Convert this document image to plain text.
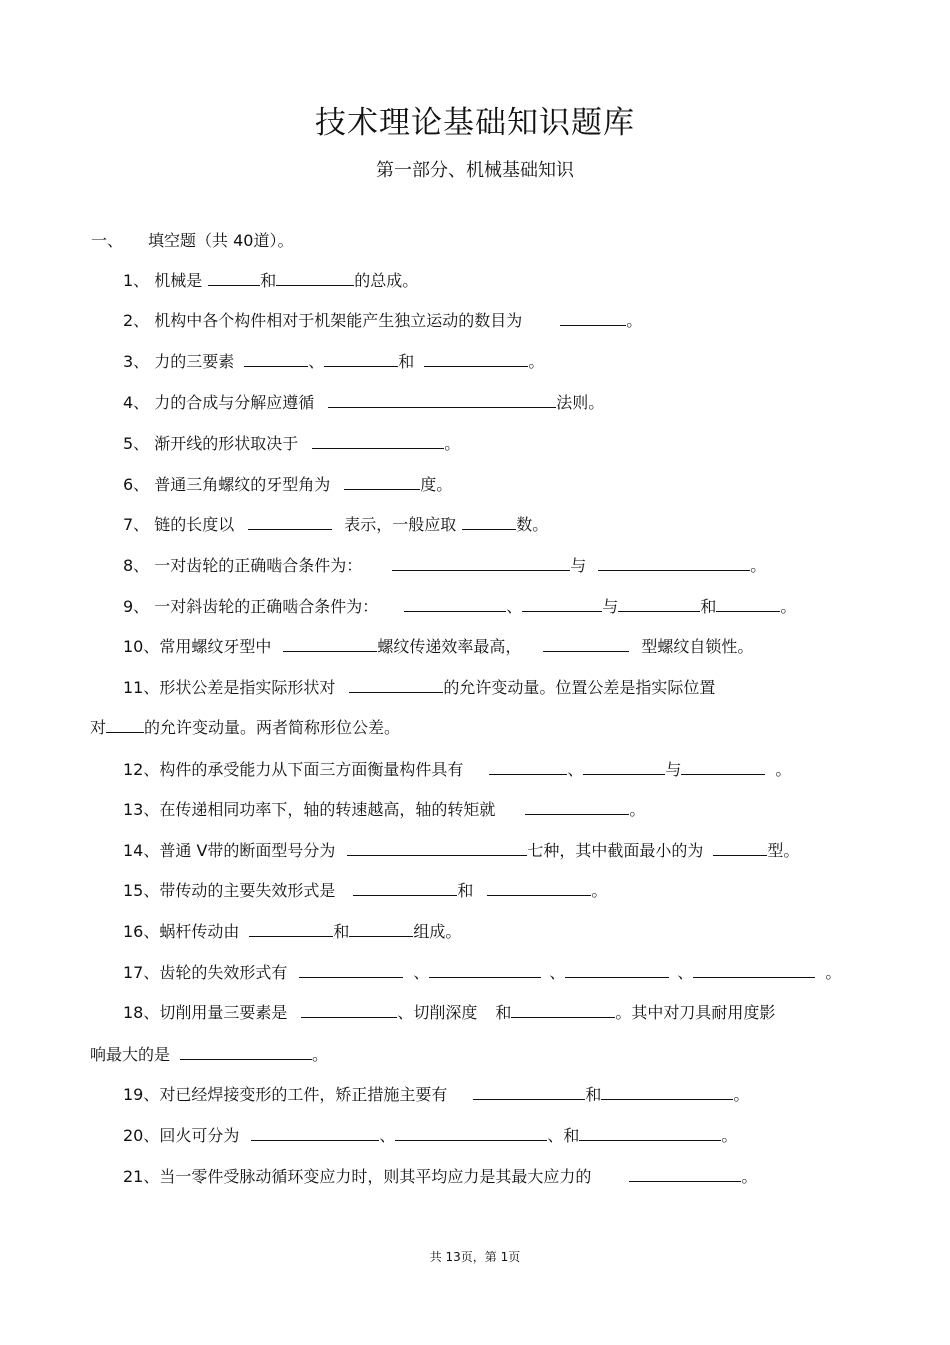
技术理论基础知识题库
第一部分、机械基础知识
一、 填空题（共 40道）。
1、 机械是	和	的总成。
2、 机构中各个构件相对于机架能产生独立运动的数目为	。
3、 力的三要素	、	和	。
4、 力的合成与分解应遵循	法则。
5、 渐开线的形状取决于	。
6、 普通三角螺纹的牙型角为	度。
7、 链的长度以	表示，一般应取	数。
8、 一对齿轮的正确啮合条件为：	与	。
9、 一对斜齿轮的正确啮合条件为：	、	与	和	。
10、常用螺纹牙型中	螺纹传递效率最高，	型螺纹自锁性。
11、形状公差是指实际形状对	的允许变动量。位置公差是指实际位置
对 的允许变动量。两者简称形位公差。
12、构件的承受能力从下面三方面衡量构件具有	、	与	。
13、在传递相同功率下，轴的转速越高，轴的转矩就	。
14、普通 V带的断面型号分为	七种，其中截面最小的为	型。
15、带传动的主要失效形式是	和	。
16、蜗杆传动由	和	组成。
17、齿轮的失效形式有	、	、	、	。
18、切削用量三要素是	、切削深度 和	。其中对刀具耐用度影
响最大的是	。
19、对已经焊接变形的工件，矫正措施主要有	和	。
20、回火可分为	、	、和	。
21、当一零件受脉动循环变应力时，则其平均应力是其最大应力的	。
共 13页，第 1页
